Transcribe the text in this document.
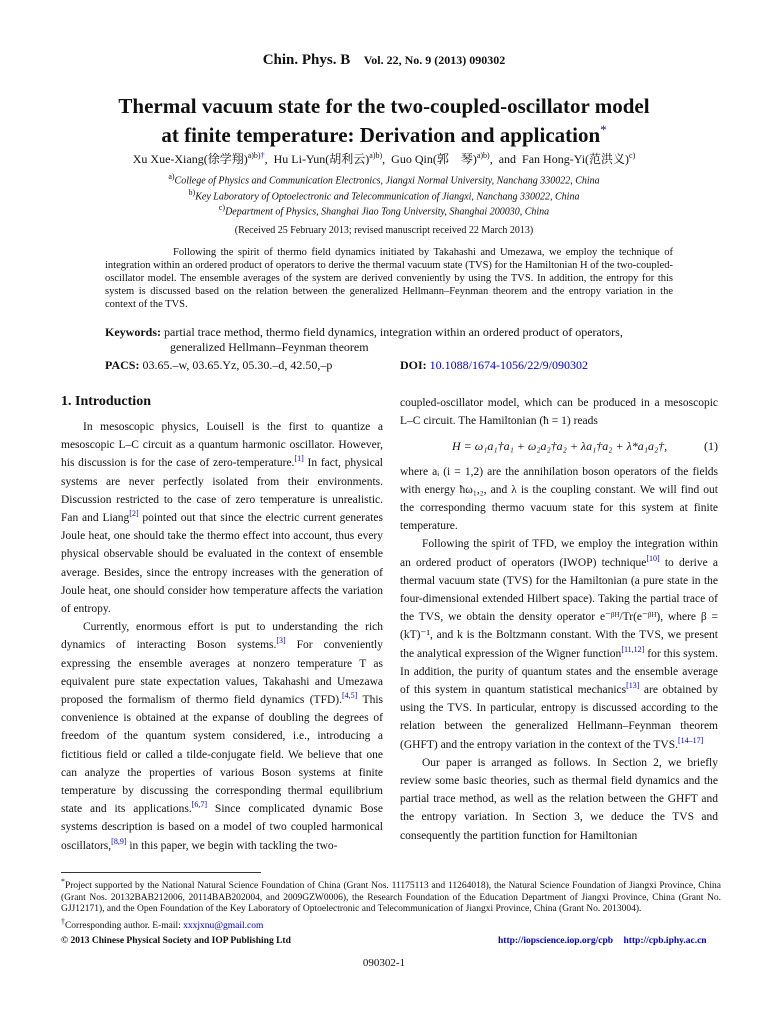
Chin. Phys. B Vol. 22, No. 9 (2013) 090302
Thermal vacuum state for the two-coupled-oscillator model
at finite temperature: Derivation and application*
Xu Xue-Xiang(徐学翔)$^{a)b)\dagger}$,  Hu Li-Yun(胡利云)$^{a)b)}$,  Guo Qin(郭　琴)$^{a)b)}$,  and Fan Hong-Yi(范洪义)$^{c)}$
$^{a)}$College of Physics and Communication Electronics, Jiangxi Normal University, Nanchang 330022, China
$^{b)}$Key Laboratory of Optoelectronic and Telecommunication of Jiangxi, Nanchang 330022, China
$^{c)}$Department of Physics, Shanghai Jiao Tong University, Shanghai 200030, China
(Received 25 February 2013; revised manuscript received 22 March 2013)
Following the spirit of thermo field dynamics initiated by Takahashi and Umezawa, we employ the technique of integration within an ordered product of operators to derive the thermal vacuum state (TVS) for the Hamiltonian H of the two-coupled-oscillator model. The ensemble averages of the system are derived conveniently by using the TVS. In addition, the entropy for this system is discussed based on the relation between the generalized Hellmann–Feynman theorem and the entropy variation in the context of the TVS.
Keywords: partial trace method, thermo field dynamics, integration within an ordered product of operators,
generalized Hellmann–Feynman theorem
PACS: 03.65.–w, 03.65.Yz, 05.30.–d, 42.50,–p	DOI: 10.1088/1674-1056/22/9/090302
1. Introduction

In mesoscopic physics, Louisell is the first to quantize a mesoscopic L–C circuit as a quantum harmonic oscillator. However, his discussion is for the case of zero-temperature.[1] In fact, physical systems are never perfectly isolated from their environments. Discussion restricted to the case of zero temperature is unrealistic. Fan and Liang[2] pointed out that since the electric current generates Joule heat, one should take the thermo effect into account, thus every physical observable should be evaluated in the context of ensemble average. Besides, since the entropy increases with the generation of Joule heat, one should consider how temperature affects the variation of entropy.

Currently, enormous effort is put to understanding the rich dynamics of interacting Boson systems.[3] For conveniently expressing the ensemble averages at nonzero temperature T as equivalent pure state expectation values, Takahashi and Umezawa proposed the formalism of thermo field dynamics (TFD).[4,5] This convenience is obtained at the expanse of doubling the degrees of freedom of the quantum system considered, i.e., introducing a fictitious field or called a tilde-conjugate field. We believe that one can analyze the properties of various Boson systems at finite temperature by discussing the corresponding thermal equilibrium state and its applications.[6,7] Since complicated dynamic Bose systems description is based on a model of two coupled harmonical oscillators,[8,9] in this paper, we begin with tackling the two-

coupled-oscillator model, which can be produced in a mesoscopic L–C circuit. The Hamiltonian (ħ = 1) reads

H = ω₁a₁†a₁ + ω₂a₂†a₂ + λa₁†a₂ + λ*a₁a₂†,	(1)

where aᵢ (i = 1,2) are the annihilation boson operators of the fields with energy ħω₁,₂, and λ is the coupling constant. We will find out the corresponding thermo vacuum state for this system at finite temperature.

Following the spirit of TFD, we employ the integration within an ordered product of operators (IWOP) technique[10] to derive a thermal vacuum state (TVS) for the Hamiltonian (a pure state in the four-dimensional extended Hilbert space). Taking the partial trace of the TVS, we obtain the density operator e⁻ᵝᴴ/Tr(e⁻ᵝᴴ), where β = (kT)⁻¹, and k is the Boltzmann constant. With the TVS, we present the analytical expression of the Wigner function[11,12] for this system. In addition, the purity of quantum states and the ensemble average of this system in quantum statistical mechanics[13] are obtained by using the TVS. In particular, entropy is discussed according to the relation between the generalized Hellmann–Feynman theorem (GHFT) and the entropy variation in the context of the TVS.[14–17]

Our paper is arranged as follows. In Section 2, we briefly review some basic theories, such as thermal field dynamics and the partial trace method, as well as the relation between the GHFT and the entropy variation. In Section 3, we deduce the TVS and consequently the partition function for Hamiltonian

*Project supported by the National Natural Science Foundation of China (Grant Nos. 11175113 and 11264018), the Natural Science Foundation of Jiangxi Province, China (Grant Nos. 20132BAB212006, 20114BAB202004, and 2009GZW0006), the Research Foundation of the Education Department of Jiangxi Province, China (Grant No. GJJ12171), and the Open Foundation of the Key Laboratory of Optoelectronic and Telecommunication of Jiangxi Province, China (Grant No. 2013004).

†Corresponding author. E-mail: xxxjxnu@gmail.com

© 2013 Chinese Physical Society and IOP Publishing Ltd	http://iopscience.iop.org/cpb http://cpb.iphy.ac.cn
090302-1
